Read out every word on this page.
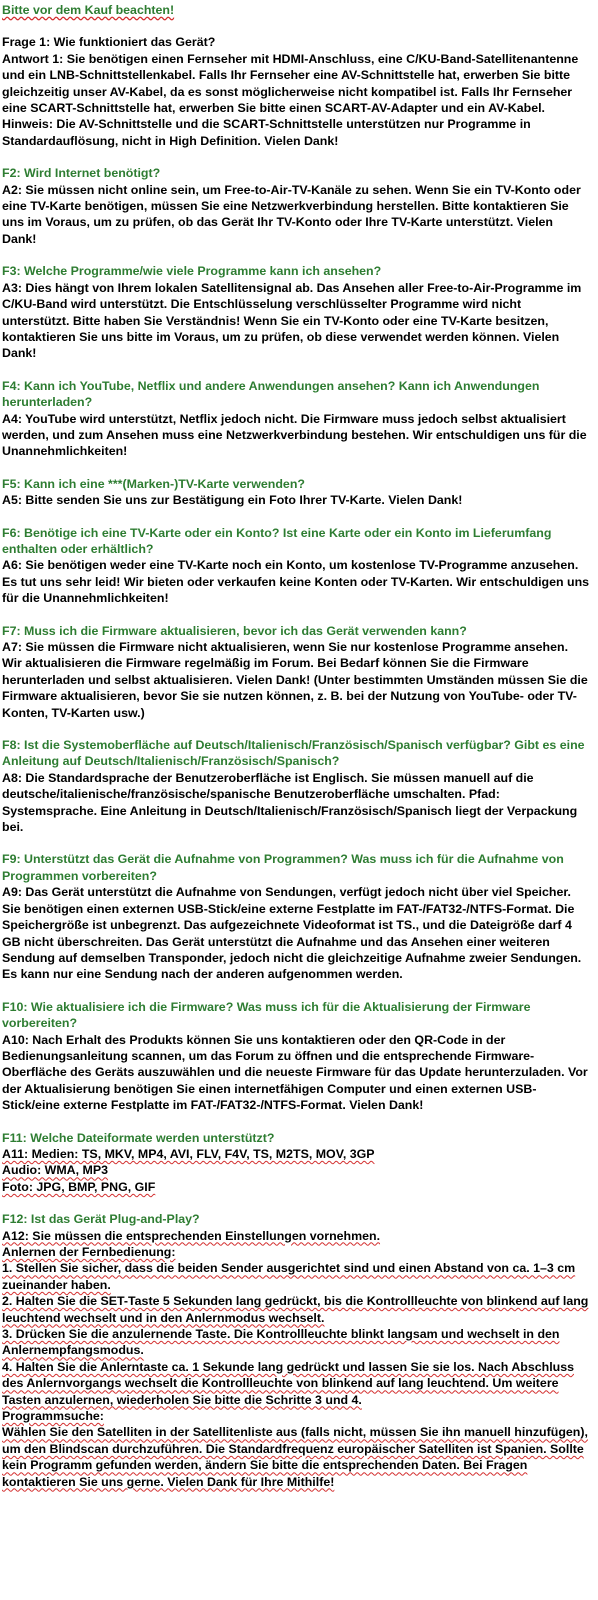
Bitte vor dem Kauf beachten!
Frage 1: Wie funktioniert das Gerät?
Antwort 1: Sie benötigen einen Fernseher mit HDMI-Anschluss, eine C/KU-Band-Satellitenantenne und ein LNB-Schnittstellenkabel. Falls Ihr Fernseher eine AV-Schnittstelle hat, erwerben Sie bitte gleichzeitig unser AV-Kabel, da es sonst möglicherweise nicht kompatibel ist. Falls Ihr Fernseher eine SCART-Schnittstelle hat, erwerben Sie bitte einen SCART-AV-Adapter und ein AV-Kabel. Hinweis: Die AV-Schnittstelle und die SCART-Schnittstelle unterstützen nur Programme in Standardauflösung, nicht in High Definition. Vielen Dank!
F2: Wird Internet benötigt?
A2: Sie müssen nicht online sein, um Free-to-Air-TV-Kanäle zu sehen. Wenn Sie ein TV-Konto oder eine TV-Karte benötigen, müssen Sie eine Netzwerkverbindung herstellen. Bitte kontaktieren Sie uns im Voraus, um zu prüfen, ob das Gerät Ihr TV-Konto oder Ihre TV-Karte unterstützt. Vielen Dank!
F3: Welche Programme/wie viele Programme kann ich ansehen?
A3: Dies hängt von Ihrem lokalen Satellitensignal ab. Das Ansehen aller Free-to-Air-Programme im C/KU-Band wird unterstützt. Die Entschlüsselung verschlüsselter Programme wird nicht unterstützt. Bitte haben Sie Verständnis! Wenn Sie ein TV-Konto oder eine TV-Karte besitzen, kontaktieren Sie uns bitte im Voraus, um zu prüfen, ob diese verwendet werden können. Vielen Dank!
F4: Kann ich YouTube, Netflix und andere Anwendungen ansehen? Kann ich Anwendungen herunterladen?
A4: YouTube wird unterstützt, Netflix jedoch nicht. Die Firmware muss jedoch selbst aktualisiert werden, und zum Ansehen muss eine Netzwerkverbindung bestehen. Wir entschuldigen uns für die Unannehmlichkeiten!
F5: Kann ich eine ***(Marken-)TV-Karte verwenden?
A5: Bitte senden Sie uns zur Bestätigung ein Foto Ihrer TV-Karte. Vielen Dank!
F6: Benötige ich eine TV-Karte oder ein Konto? Ist eine Karte oder ein Konto im Lieferumfang enthalten oder erhältlich?
A6: Sie benötigen weder eine TV-Karte noch ein Konto, um kostenlose TV-Programme anzusehen. Es tut uns sehr leid! Wir bieten oder verkaufen keine Konten oder TV-Karten. Wir entschuldigen uns für die Unannehmlichkeiten!
F7: Muss ich die Firmware aktualisieren, bevor ich das Gerät verwenden kann?
A7: Sie müssen die Firmware nicht aktualisieren, wenn Sie nur kostenlose Programme ansehen. Wir aktualisieren die Firmware regelmäßig im Forum. Bei Bedarf können Sie die Firmware herunterladen und selbst aktualisieren. Vielen Dank! (Unter bestimmten Umständen müssen Sie die Firmware aktualisieren, bevor Sie sie nutzen können, z. B. bei der Nutzung von YouTube- oder TV-Konten, TV-Karten usw.)
F8: Ist die Systemoberfläche auf Deutsch/Italienisch/Französisch/Spanisch verfügbar? Gibt es eine Anleitung auf Deutsch/Italienisch/Französisch/Spanisch?
A8: Die Standardsprache der Benutzeroberfläche ist Englisch. Sie müssen manuell auf die deutsche/italienische/französische/spanische Benutzeroberfläche umschalten. Pfad: Systemsprache. Eine Anleitung in Deutsch/Italienisch/Französisch/Spanisch liegt der Verpackung bei.
F9: Unterstützt das Gerät die Aufnahme von Programmen? Was muss ich für die Aufnahme von Programmen vorbereiten?
A9: Das Gerät unterstützt die Aufnahme von Sendungen, verfügt jedoch nicht über viel Speicher. Sie benötigen einen externen USB-Stick/eine externe Festplatte im FAT-/FAT32-/NTFS-Format. Die Speichergröße ist unbegrenzt. Das aufgezeichnete Videoformat ist TS., und die Dateigröße darf 4 GB nicht überschreiten. Das Gerät unterstützt die Aufnahme und das Ansehen einer weiteren Sendung auf demselben Transponder, jedoch nicht die gleichzeitige Aufnahme zweier Sendungen. Es kann nur eine Sendung nach der anderen aufgenommen werden.
F10: Wie aktualisiere ich die Firmware? Was muss ich für die Aktualisierung der Firmware vorbereiten?
A10: Nach Erhalt des Produkts können Sie uns kontaktieren oder den QR-Code in der Bedienungsanleitung scannen, um das Forum zu öffnen und die entsprechende Firmware-Oberfläche des Geräts auszuwählen und die neueste Firmware für das Update herunterzuladen. Vor der Aktualisierung benötigen Sie einen internetfähigen Computer und einen externen USB-Stick/eine externe Festplatte im FAT-/FAT32-/NTFS-Format. Vielen Dank!
F11: Welche Dateiformate werden unterstützt?
A11: Medien: TS, MKV, MP4, AVI, FLV, F4V, TS, M2TS, MOV, 3GP
Audio: WMA, MP3
Foto: JPG, BMP, PNG, GIF
F12: Ist das Gerät Plug-and-Play?
A12: Sie müssen die entsprechenden Einstellungen vornehmen.
Anlernen der Fernbedienung:
1. Stellen Sie sicher, dass die beiden Sender ausgerichtet sind und einen Abstand von ca. 1–3 cm zueinander haben.
2. Halten Sie die SET-Taste 5 Sekunden lang gedrückt, bis die Kontrollleuchte von blinkend auf lang leuchtend wechselt und in den Anlernmodus wechselt.
3. Drücken Sie die anzulernende Taste. Die Kontrollleuchte blinkt langsam und wechselt in den Anlernempfangsmodus.
4. Halten Sie die Anlerntaste ca. 1 Sekunde lang gedrückt und lassen Sie sie los. Nach Abschluss des Anlernvorgangs wechselt die Kontrollleuchte von blinkend auf lang leuchtend. Um weitere Tasten anzulernen, wiederholen Sie bitte die Schritte 3 und 4.
Programmsuche:
Wählen Sie den Satelliten in der Satellitenliste aus (falls nicht, müssen Sie ihn manuell hinzufügen), um den Blindscan durchzuführen. Die Standardfrequenz europäischer Satelliten ist Spanien. Sollte kein Programm gefunden werden, ändern Sie bitte die entsprechenden Daten. Bei Fragen kontaktieren Sie uns gerne. Vielen Dank für Ihre Mithilfe!
